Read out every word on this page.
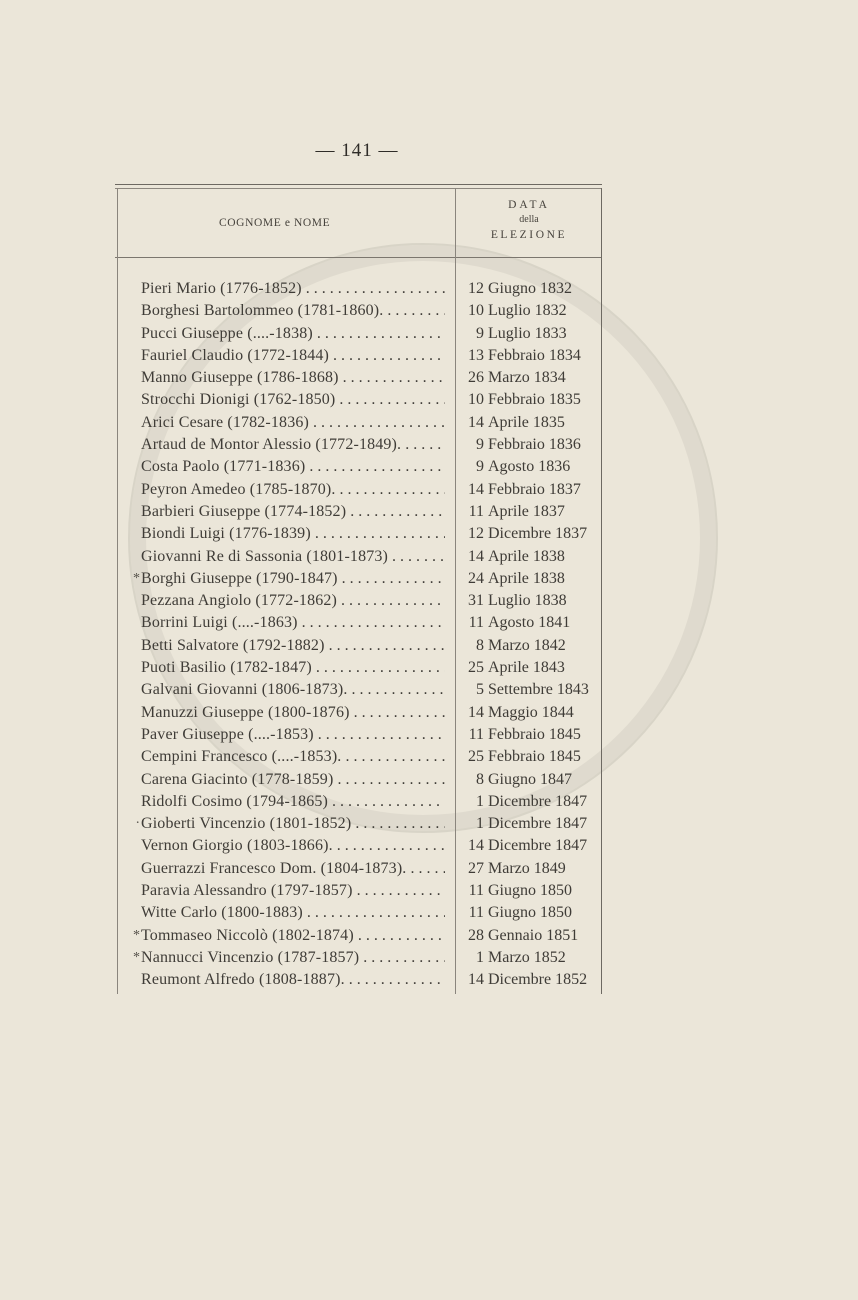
— 141 —
COGNOME e NOME
DATA
della
ELEZIONE
Pieri Mario (1776-1852) . . .	12 Giugno 1832
Borghesi Bartolommeo (1781-1860). . . .	10 Luglio 1832
Pucci Giuseppe (....-1838) . . .	9 Luglio 1833
Fauriel Claudio (1772-1844) . . .	13 Febbraio 1834
Manno Giuseppe (1786-1868) . . .	26 Marzo 1834
Strocchi Dionigi (1762-1850) . . .	10 Febbraio 1835
Arici Cesare (1782-1836) . . .	14 Aprile 1835
Artaud de Montor Alessio (1772-1849). . . .	9 Febbraio 1836
Costa Paolo (1771-1836) . . .	9 Agosto 1836
Peyron Amedeo (1785-1870). . . .	14 Febbraio 1837
Barbieri Giuseppe (1774-1852) . . .	11 Aprile 1837
Biondi Luigi (1776-1839) . . .	12 Dicembre 1837
Giovanni Re di Sassonia (1801-1873) . . .	14 Aprile 1838
* Borghi Giuseppe (1790-1847) . . .	24 Aprile 1838
Pezzana Angiolo (1772-1862) . . .	31 Luglio 1838
Borrini Luigi (....-1863) . . .	11 Agosto 1841
Betti Salvatore (1792-1882) . . .	8 Marzo 1842
Puoti Basilio (1782-1847) . . .	25 Aprile 1843
Galvani Giovanni (1806-1873). . . .	5 Settembre 1843
Manuzzi Giuseppe (1800-1876) . . .	14 Maggio 1844
Paver Giuseppe (....-1853) . . .	11 Febbraio 1845
Cempini Francesco (....-1853). . . .	25 Febbraio 1845
Carena Giacinto (1778-1859) . . .	8 Giugno 1847
Ridolfi Cosimo (1794-1865) . . .	1 Dicembre 1847
· Gioberti Vincenzio (1801-1852) . . .	1 Dicembre 1847
Vernon Giorgio (1803-1866). . . .	14 Dicembre 1847
Guerrazzi Francesco Dom. (1804-1873). . . .	27 Marzo 1849
Paravia Alessandro (1797-1857) . . .	11 Giugno 1850
Witte Carlo (1800-1883) . . .	11 Giugno 1850
* Tommaseo Niccolò (1802-1874) . . .	28 Gennaio 1851
* Nannucci Vincenzio (1787-1857) . . .	1 Marzo 1852
Reumont Alfredo (1808-1887). . . .	14 Dicembre 1852
